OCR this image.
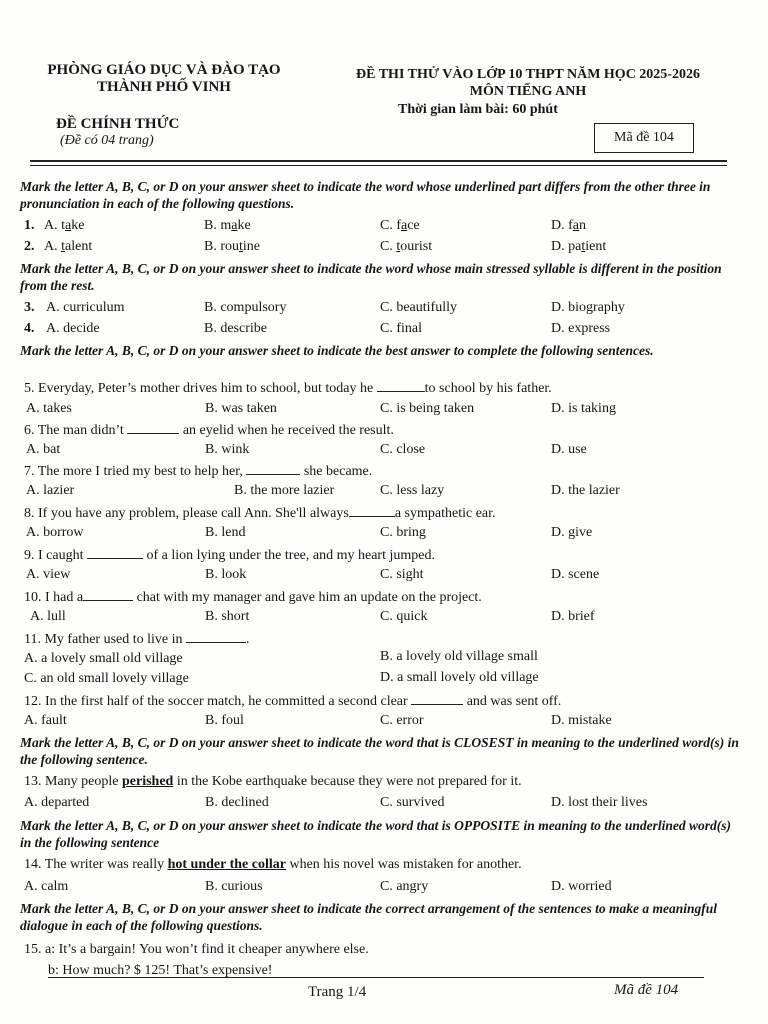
PHÒNG GIÁO DỤC VÀ ĐÀO TẠO
THÀNH PHỐ VINH
ĐỀ THI THỬ VÀO LỚP 10 THPT NĂM HỌC 2025-2026
MÔN TIẾNG ANH
Thời gian làm bài: 60 phút
ĐỀ CHÍNH THỨC
(Đề có 04 trang)	Mã đề 104
Mark the letter A, B, C, or D on your answer sheet to indicate the word whose underlined part differs from the other three in pronunciation in each of the following questions.
1. A. take	B. make	C. face	D. fan
2. A. talent	B. routine	C. tourist	D. patient
Mark the letter A, B, C, or D on your answer sheet to indicate the word whose main stressed syllable is different in the position from the rest.
3. A. curriculum	B. compulsory	C. beautifully	D. biography
4. A. decide	B. describe	C. final	D. express
Mark the letter A, B, C, or D on your answer sheet to indicate the best answer to complete the following sentences.
5. Everyday, Peter’s mother drives him to school, but today he	to school by his father.
A. takes	B. was taken	C. is being taken	D. is taking
6. The man didn’t	an eyelid when he received the result.
A. bat	B. wink	C. close	D. use
7. The more I tried my best to help her,	she became.
A. lazier	B. the more lazier	C. less lazy	D. the lazier
8. If you have any problem, please call Ann. She'll always	a sympathetic ear.
A. borrow	B. lend	C. bring	D. give
9. I caught	of a lion lying under the tree, and my heart jumped.
A. view	B. look	C. sight	D. scene
10. I had a	chat with my manager and gave him an update on the project.
A. lull	B. short	C. quick	D. brief
11. My father used to live in	.
A. a lovely small old village	B. a lovely old village small
C. an old small lovely village	D. a small lovely old village
12. In the first half of the soccer match, he committed a second clear	and was sent off.
A. fault	B. foul	C. error	D. mistake
Mark the letter A, B, C, or D on your answer sheet to indicate the word that is CLOSEST in meaning to the underlined word(s) in the following sentence.
13. Many people perished in the Kobe earthquake because they were not prepared for it.
A. departed	B. declined	C. survived	D. lost their lives
Mark the letter A, B, C, or D on your answer sheet to indicate the word that is OPPOSITE in meaning to the underlined word(s) in the following sentence
14. The writer was really hot under the collar when his novel was mistaken for another.
A. calm	B. curious	C. angry	D. worried
Mark the letter A, B, C, or D on your answer sheet to indicate the correct arrangement of the sentences to make a meaningful dialogue in each of the following questions.
15. a: It’s a bargain! You won’t find it cheaper anywhere else.
b: How much? $ 125! That’s expensive!
Trang 1/4	Mã đề 104
